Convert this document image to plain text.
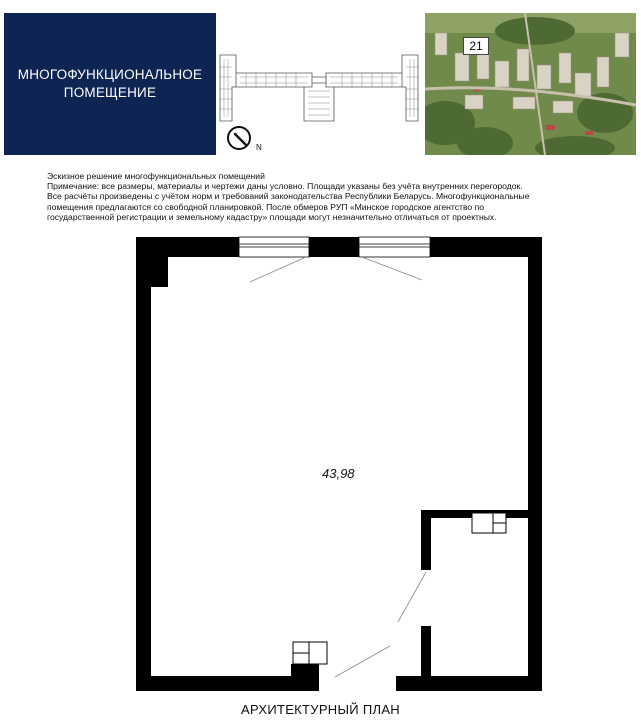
МНОГОФУНКЦИОНАЛЬНОЕ
ПОМЕЩЕНИЕ
N
21
Эскизное решение многофункциональных помещений
Примечание: все размеры, материалы и чертежи даны условно. Площади указаны без учёта внутренних перегородок.
Все расчёты произведены с учётом норм и требований законодательства Республики Беларусь. Многофункциональные
помещения предлагаются со свободной планировкой. После обмеров РУП «Минское городское агентство по
государственной регистрации и земельному кадастру» площади могут незначительно отличаться от проектных.
43,98
АРХИТЕКТУРНЫЙ ПЛАН
